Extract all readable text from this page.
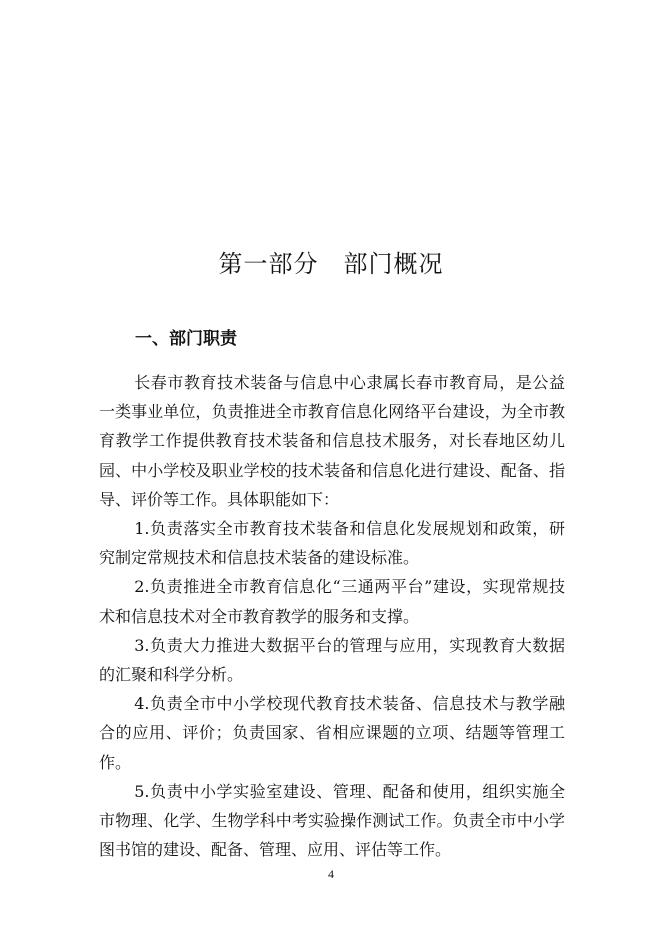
第一部分　部门概况
一、部门职责

长春市教育技术装备与信息中心隶属长春市教育局，是公益一类事业单位，负责推进全市教育信息化网络平台建设，为全市教育教学工作提供教育技术装备和信息技术服务，对长春地区幼儿园、中小学校及职业学校的技术装备和信息化进行建设、配备、指导、评价等工作。具体职能如下：

1.负责落实全市教育技术装备和信息化发展规划和政策，研究制定常规技术和信息技术装备的建设标准。

2.负责推进全市教育信息化“三通两平台”建设，实现常规技术和信息技术对全市教育教学的服务和支撑。

3.负责大力推进大数据平台的管理与应用，实现教育大数据的汇聚和科学分析。

4.负责全市中小学校现代教育技术装备、信息技术与教学融合的应用、评价；负责国家、省相应课题的立项、结题等管理工作。

5.负责中小学实验室建设、管理、配备和使用，组织实施全市物理、化学、生物学科中考实验操作测试工作。负责全市中小学图书馆的建设、配备、管理、应用、评估等工作。

4
